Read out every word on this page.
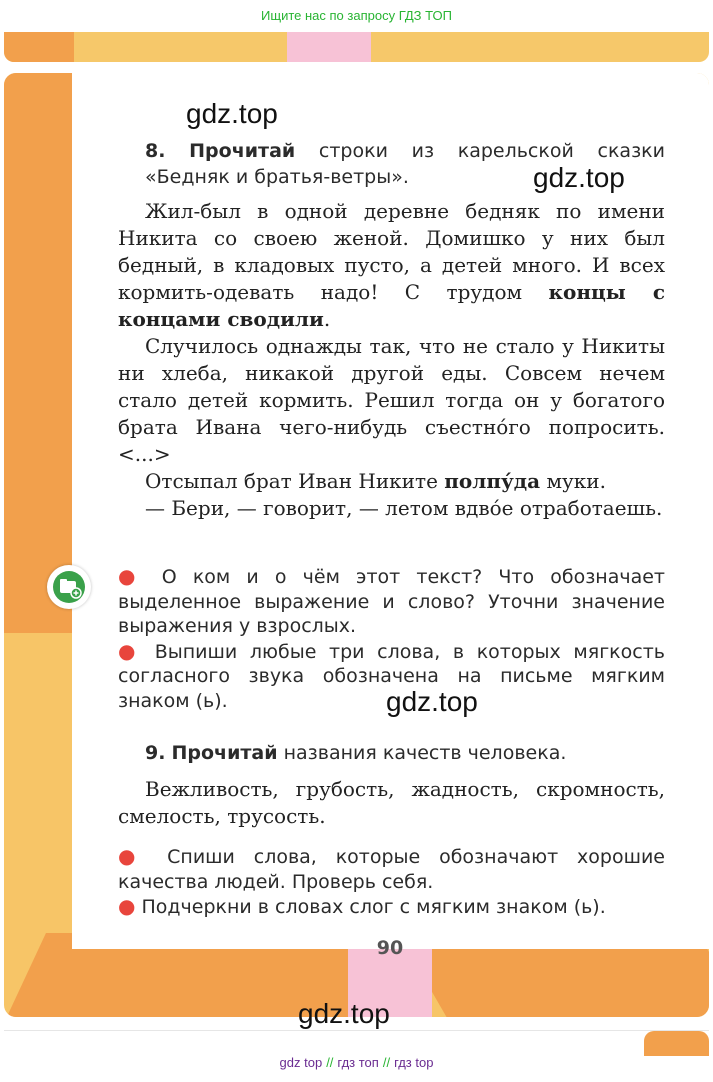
Ищите нас по запросу ГДЗ ТОП
90
8. Прочитай строки из карельской сказки «Бедняк и братья-ветры».

Жил-был в одной деревне бедняк по имени Никита со своею женой. Домишко у них был бедный, в кладовых пусто, а детей много. И всех кормить-одевать надо! С трудом концы с концами сводили.

Случилось однажды так, что не стало у Никиты ни хлеба, никакой другой еды. Совсем нечем стало детей кормить. Решил тогда он у богатого брата Ивана чего-нибудь съестно́го попросить. <...>

Отсыпал брат Иван Никите полпу́да муки.

— Бери, — говорит, — летом вдво́е отработаешь.

● О ком и о чём этот текст? Что обозначает выделенное выражение и слово? Уточни значение выражения у взрослых.

● Выпиши любые три слова, в которых мягкость согласного звука обозначена на письме мягким знаком (ь).

9. Прочитай названия качеств человека.
Вежливость, грубость, жадность, скромность, смелость, трусость.

● Спиши слова, которые обозначают хорошие качества людей. Проверь себя.

● Подчеркни в словах слог с мягким знаком (ь).

gdz.top
gdz.top
gdz.top
gdz.top
gdz top // гдз топ // гдз top
